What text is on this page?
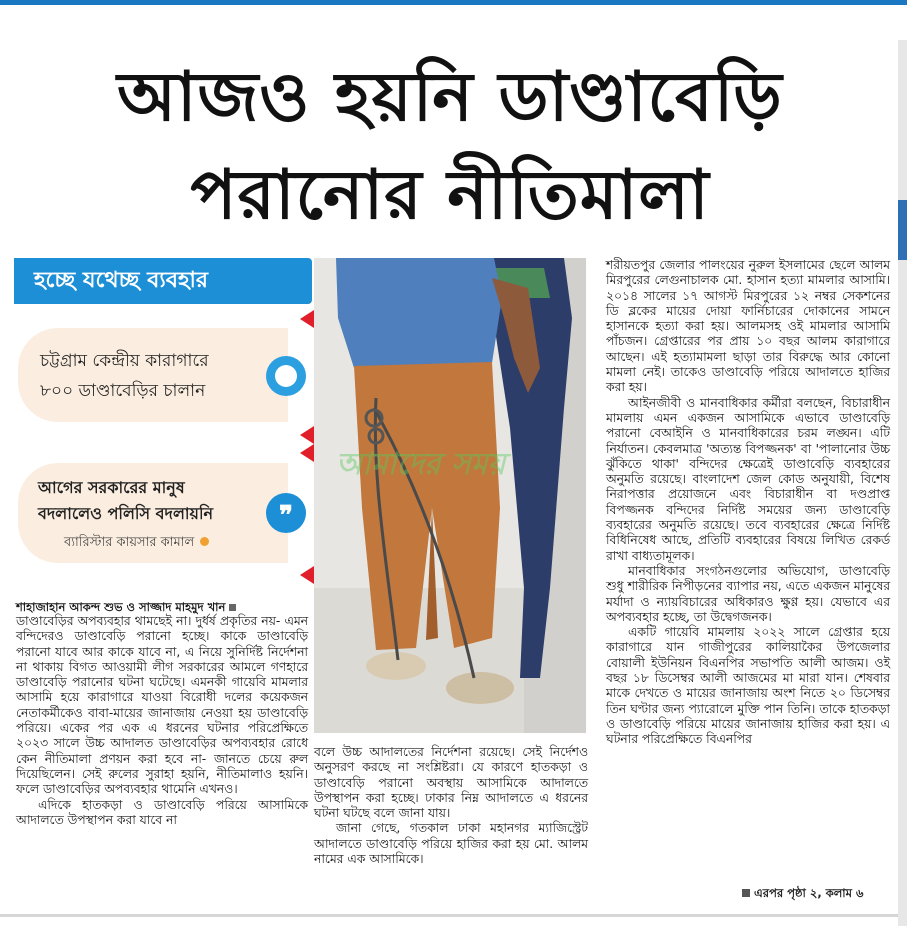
আজও হয়নি ডাণ্ডাবেড়ি
পরানোর নীতিমালা
হচ্ছে যথেচ্ছ ব্যবহার
চট্টগ্রাম কেন্দ্রীয় কারাগারে
৮০০ ডাণ্ডাবেড়ির চালান
আগের সরকারের মানুষ
বদলালেও পলিসি বদলায়নি
ব্যারিস্টার কায়সার কামাল
❞
আমাদের সময়
শাহাজাহান আকন্দ শুভ ও সাজ্জাদ মাহমুদ খান

ডাণ্ডাবেড়ির অপব্যবহার থামছেই না। দুর্ধর্ষ প্রকৃতির নয়- এমন বন্দিদেরও ডাণ্ডাবেড়ি পরানো হচ্ছে। কাকে ডাণ্ডাবেড়ি পরানো যাবে আর কাকে যাবে না, এ নিয়ে সুনির্দিষ্ট নির্দেশনা না থাকায় বিগত আওয়ামী লীগ সরকারের আমলে গণহারে ডাণ্ডাবেড়ি পরানোর ঘটনা ঘটেছে। এমনকী গায়েবি মামলার আসামি হয়ে কারাগারে যাওয়া বিরোধী দলের কয়েকজন নেতাকর্মীকেও বাবা-মায়ের জানাজায় নেওয়া হয় ডাণ্ডাবেড়ি পরিয়ে। একের পর এক এ ধরনের ঘটনার পরিপ্রেক্ষিতে ২০২৩ সালে উচ্চ আদালত ডাণ্ডাবেড়ির অপব্যবহার রোধে কেন নীতিমালা প্রণয়ন করা হবে না- জানতে চেয়ে রুল দিয়েছিলেন। সেই রুলের সুরাহা হয়নি, নীতিমালাও হয়নি। ফলে ডাণ্ডাবেড়ির অপব্যবহার থামেনি এখনও।

এদিকে হাতকড়া ও ডাণ্ডাবেড়ি পরিয়ে আসামিকে আদালতে উপস্থাপন করা যাবে না

বলে উচ্চ আদালতের নির্দেশনা রয়েছে। সেই নির্দেশও অনুসরণ করছে না সংশ্লিষ্টরা। যে কারণে হাতকড়া ও ডাণ্ডাবেড়ি পরানো অবস্থায় আসামিকে আদালতে উপস্থাপন করা হচ্ছে। ঢাকার নিম্ন আদালতে এ ধরনের ঘটনা ঘটছে বলে জানা যায়।

জানা গেছে, গতকাল ঢাকা মহানগর ম্যাজিস্ট্রেট আদালতে ডাণ্ডাবেড়ি পরিয়ে হাজির করা হয় মো. আলম নামের এক আসামিকে।

শরীয়তপুর জেলার পালংয়ের নুরুল ইসলামের ছেলে আলম মিরপুরের লেগুনাচালক মো. হাসান হত্যা মামলার আসামি। ২০১৪ সালের ১৭ আগস্ট মিরপুরের ১২ নম্বর সেকশনের ডি ব্লকের মায়ের দোয়া ফার্নিচারের দোকানের সামনে হাসানকে হত্যা করা হয়। আলমসহ ওই মামলার আসামি পাঁচজন। গ্রেপ্তারের পর প্রায় ১০ বছর আলম কারাগারে আছেন। এই হত্যামামলা ছাড়া তার বিরুদ্ধে আর কোনো মামলা নেই। তাকেও ডাণ্ডাবেড়ি পরিয়ে আদালতে হাজির করা হয়।

আইনজীবী ও মানবাধিকার কর্মীরা বলছেন, বিচারাধীন মামলায় এমন একজন আসামিকে এভাবে ডাণ্ডাবেড়ি পরানো বেআইনি ও মানবাধিকারের চরম লঙ্ঘন। এটি নির্যাতন। কেবলমাত্র 'অত্যন্ত বিপজ্জনক' বা 'পালানোর উচ্চ ঝুঁকিতে থাকা' বন্দিদের ক্ষেত্রেই ডাণ্ডাবেড়ি ব্যবহারের অনুমতি রয়েছে। বাংলাদেশ জেল কোড অনুযায়ী, বিশেষ নিরাপত্তার প্রয়োজনে এবং বিচারাধীন বা দণ্ডপ্রাপ্ত বিপজ্জনক বন্দিদের নির্দিষ্ট সময়ের জন্য ডাণ্ডাবেড়ি ব্যবহারের অনুমতি রয়েছে। তবে ব্যবহারের ক্ষেত্রে নির্দিষ্ট বিধিনিষেধ আছে, প্রতিটি ব্যবহারের বিষয়ে লিখিত রেকর্ড রাখা বাধ্যতামূলক।

মানবাধিকার সংগঠনগুলোর অভিযোগ, ডাণ্ডাবেড়ি শুধু শারীরিক নিপীড়নের ব্যাপার নয়, এতে একজন মানুষের মর্যাদা ও ন্যায়বিচারের অধিকারও ক্ষুণ্ণ হয়। যেভাবে এর অপব্যবহার হচ্ছে, তা উদ্বেগজনক।

একটি গায়েবি মামলায় ২০২২ সালে গ্রেপ্তার হয়ে কারাগারে যান গাজীপুরের কালিয়াকৈর উপজেলার বোয়ালী ইউনিয়ন বিএনপির সভাপতি আলী আজম। ওই বছর ১৮ ডিসেম্বর আলী আজমের মা মারা যান। শেষবার মাকে দেখতে ও মায়ের জানাজায় অংশ নিতে ২০ ডিসেম্বর তিন ঘণ্টার জন্য প্যারোলে মুক্তি পান তিনি। তাকে হাতকড়া ও ডাণ্ডাবেড়ি পরিয়ে মায়ের জানাজায় হাজির করা হয়। এ ঘটনার পরিপ্রেক্ষিতে বিএনপির

এরপর পৃষ্ঠা ২, কলাম ৬
